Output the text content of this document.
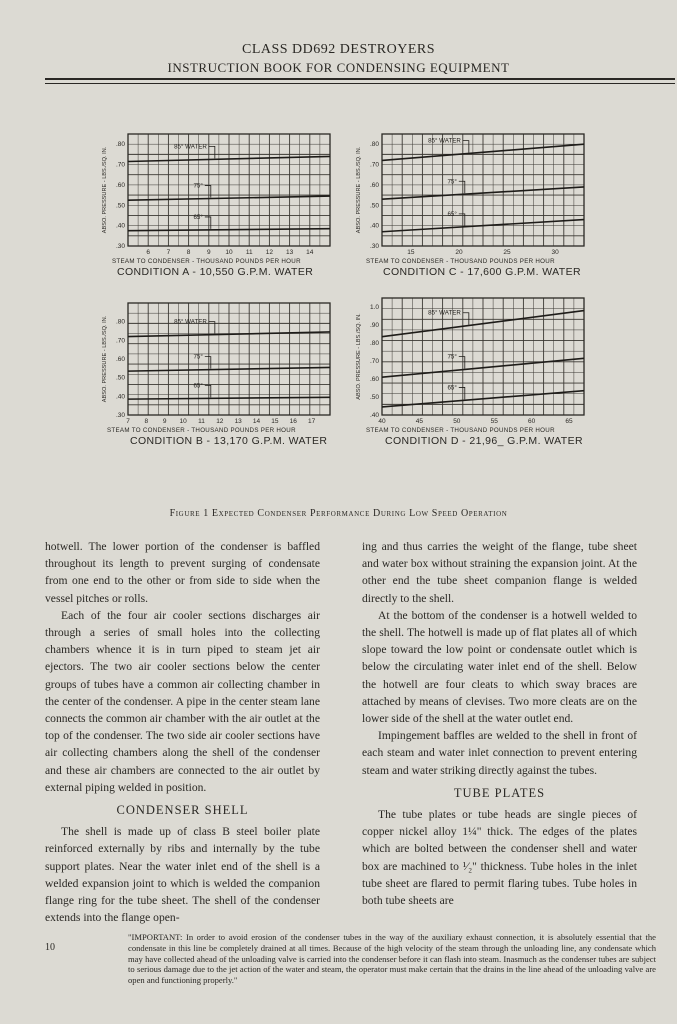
CLASS DD692 DESTROYERS
INSTRUCTION BOOK FOR CONDENSING EQUIPMENT
.30
.40
.50
.60
.70
.80
6	7	8	9 10 11 12 13 14
ABSO. PRESSURE - LBS./SQ. IN.	85° WATER
75°
65°
STEAM TO CONDENSER - THOUSAND POUNDS PER HOUR
CONDITION A - 10,550 G.P.M. WATER
.30
.40
.50
.60
.70
.80
15	20	25	30
ABSO. PRESSURE - LBS./SQ. IN.
85° WATER
75°
65°
STEAM TO CONDENSER - THOUSAND POUNDS PER HOUR
CONDITION C - 17,600 G.P.M. WATER
.30
.40
.50
.60
.70
.80
7 8 9 10 11 12 13 14 15 16 17
ABSO. PRESSURE - LBS./SQ. IN.	85° WATER
75°
65°
STEAM TO CONDENSER - THOUSAND POUNDS PER HOUR
CONDITION B - 13,170 G.P.M. WATER
.40
.50
.60
.70
.80
.90
1.0
40	45	50	55	60	65
ABSO. PRESSURE - LBS./SQ. IN.
85° WATER
75°
65°
STEAM TO CONDENSER - THOUSAND POUNDS PER HOUR
CONDITION D - 21,96_ G.P.M. WATER
Figure 1 Expected Condenser Performance During Low Speed Operation

hotwell. The lower portion of the condenser is baffled throughout its length to prevent surging of condensate from one end to the other or from side to side when the vessel pitches or rolls.

Each of the four air cooler sections discharges air through a series of small holes into the collecting chambers whence it is in turn piped to steam jet air ejectors. The two air cooler sections below the center groups of tubes have a common air collecting chamber in the center of the condenser. A pipe in the center steam lane connects the common air chamber with the air outlet at the top of the condenser. The two side air cooler sections have air collecting chambers along the shell of the condenser and these air chambers are connected to the air outlet by external piping welded in position.

CONDENSER SHELL

The shell is made up of class B steel boiler plate reinforced externally by ribs and internally by the tube support plates. Near the water inlet end of the shell is a welded expansion joint to which is welded the companion flange ring for the tube sheet. The shell of the condenser extends into the flange open-

ing and thus carries the weight of the flange, tube sheet and water box without straining the expansion joint. At the other end the tube sheet companion flange is welded directly to the shell.

At the bottom of the condenser is a hotwell welded to the shell. The hotwell is made up of flat plates all of which slope toward the low point or condensate outlet which is below the circulating water inlet end of the shell. Below the hotwell are four cleats to which sway braces are attached by means of clevises. Two more cleats are on the lower side of the shell at the water outlet end.

Impingement baffles are welded to the shell in front of each steam and water inlet connection to prevent entering steam and water striking directly against the tubes.

TUBE PLATES

The tube plates or tube heads are single pieces of copper nickel alloy 1¼" thick. The edges of the plates which are bolted between the condenser shell and water box are machined to ¹⁄₂" thickness. Tube holes in the inlet tube sheet are flared to permit flaring tubes. Tube holes in both tube sheets are

10
"IMPORTANT: In order to avoid erosion of the condenser tubes in the way of the auxiliary exhaust connection, it is absolutely essential that the condensate in this line be completely drained at all times. Because of the high velocity of the steam through the unloading line, any condensate which may have collected ahead of the unloading valve is carried into the condenser before it can flash into steam. Inasmuch as the condenser tubes are subject to serious damage due to the jet action of the water and steam, the operator must make certain that the drains in the line ahead of the unloading valve are open and functioning properly."
